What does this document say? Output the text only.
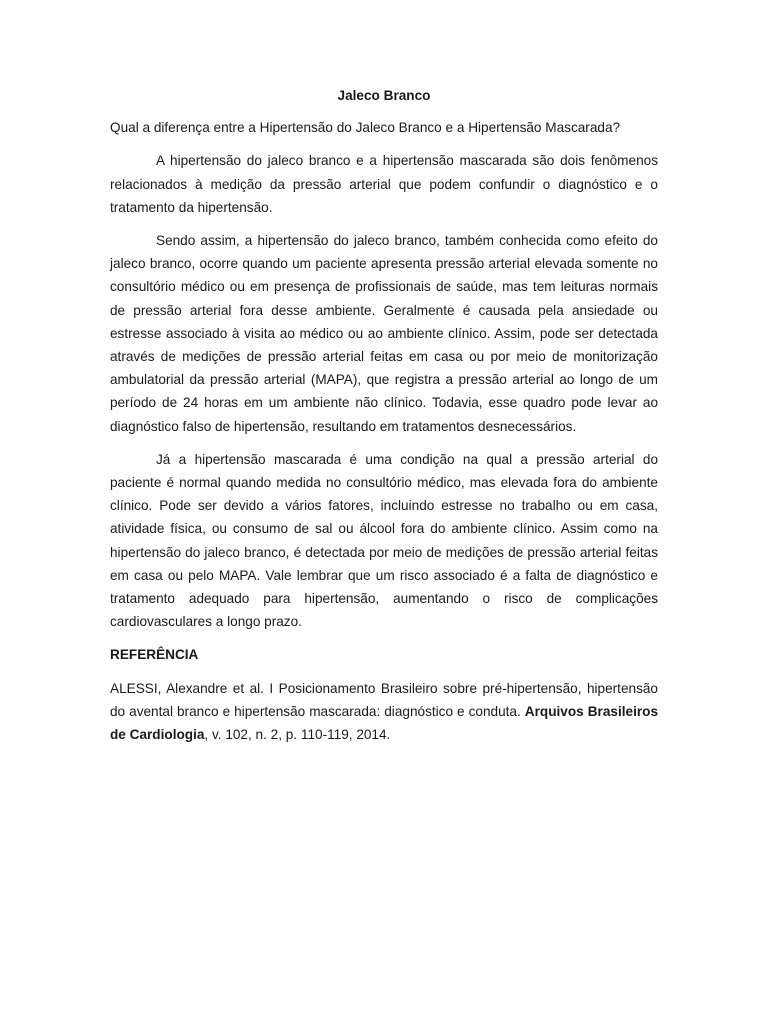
Jaleco Branco

Qual a diferença entre a Hipertensão do Jaleco Branco e a Hipertensão Mascarada?

A hipertensão do jaleco branco e a hipertensão mascarada são dois fenômenos relacionados à medição da pressão arterial que podem confundir o diagnóstico e o tratamento da hipertensão.

Sendo assim, a hipertensão do jaleco branco, também conhecida como efeito do jaleco branco, ocorre quando um paciente apresenta pressão arterial elevada somente no consultório médico ou em presença de profissionais de saúde, mas tem leituras normais de pressão arterial fora desse ambiente. Geralmente é causada pela ansiedade ou estresse associado à visita ao médico ou ao ambiente clínico. Assim, pode ser detectada através de medições de pressão arterial feitas em casa ou por meio de monitorização ambulatorial da pressão arterial (MAPA), que registra a pressão arterial ao longo de um período de 24 horas em um ambiente não clínico. Todavia, esse quadro pode levar ao diagnóstico falso de hipertensão, resultando em tratamentos desnecessários.

Já a hipertensão mascarada é uma condição na qual a pressão arterial do paciente é normal quando medida no consultório médico, mas elevada fora do ambiente clínico. Pode ser devido a vários fatores, incluindo estresse no trabalho ou em casa, atividade física, ou consumo de sal ou álcool fora do ambiente clínico. Assim como na hipertensão do jaleco branco, é detectada por meio de medições de pressão arterial feitas em casa ou pelo MAPA. Vale lembrar que um risco associado é a falta de diagnóstico e tratamento adequado para hipertensão, aumentando o risco de complicações cardiovasculares a longo prazo.

REFERÊNCIA

ALESSI, Alexandre et al. I Posicionamento Brasileiro sobre pré-hipertensão, hipertensão do avental branco e hipertensão mascarada: diagnóstico e conduta. Arquivos Brasileiros de Cardiologia, v. 102, n. 2, p. 110-119, 2014.
